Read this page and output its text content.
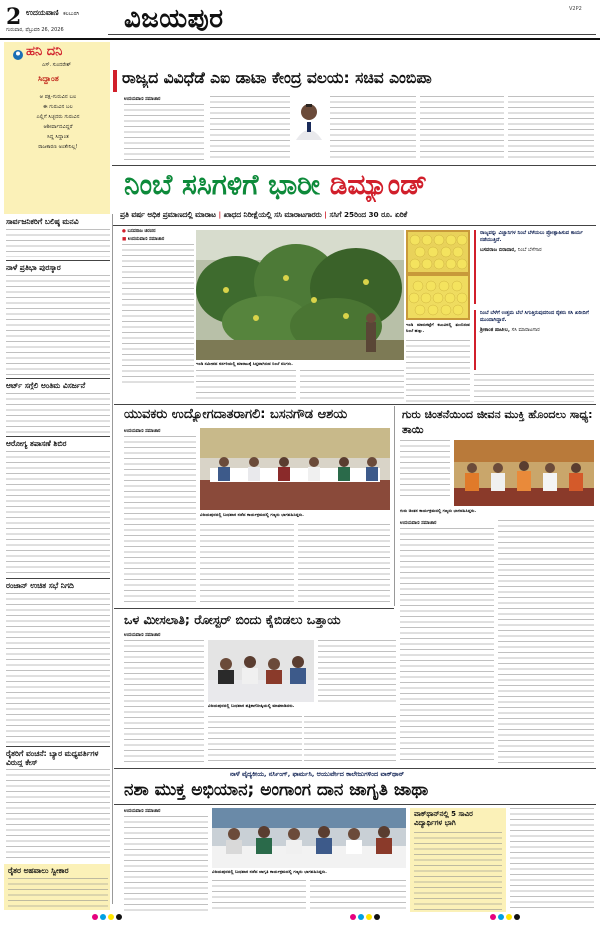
2 ಉದಯವಾಣಿ ಕಲಬುರಗಿ
ಗುರುವಾರ, ಫೆಬ್ರುವರಿ 26, 2026 ವಿಜಯಪುರ	V2P2
ಹನಿ ದನಿ
ಎಸ್. ಸುಂದರೇಶ್
ಸಿದ್ದಾಂತ
ಆ ಪಕ್ಷ-ಗುರುವಿನ ಬಲ
ಈ ಗುರುವಿನ ಬಲ
ಎಲ್ಲಿಗೆ ಸಿಚ್ಛದರು ಗುರುವಿನ
ಆಶೀರ್ವಾದವಿದ್ದರೆ
ಸಿದ್ದ ಸಿದ್ದಾಂತ
ರಾಜಕಾರಣ ಅಂತೇನಿಲ್ಲ!
ರಾಜ್ಯದ ವಿವಿಧೆಡೆ ಎಐ ಡಾಟಾ ಕೇಂದ್ರ ವಲಯ: ಸಚಿವ ಎಂಬಿಪಾ
ಉದಯವಾಣಿ ಸಮಾಚಾರ
ನಿಂಬೆ ಸಸಿಗಳಿಗೆ ಭಾರೀ ಡಿಮ್ಯಾಂಡ್
ಪ್ರತಿ ವರ್ಷ ಅಧಿಕ ಪ್ರಮಾಣದಲ್ಲಿ ಮಾರಾಟ | ಖಾಧದ ನಿರೀಕ್ಷೆಯಲ್ಲಿ ಸಸಿ ಮಾರಾಟಗಾರರು | ಸಸಿಗೆ 25ರಿಂದ 30 ರೂ. ಏರಿಕೆ
ಸಾರ್ವಜನಿಕರಿಗೆ ಬಲಿಷ್ಠ ಮನವಿ
ನಾಳೆ ಪ್ರತಿಭಾ ಪುರಸ್ಕಾರ
ಆರ್ಟ್ ಸಗ್ಗೆಲಿ ಅಂತಿಮ ವಿಸರ್ಜನೆ
ಆರೋಗ್ಯ ತಪಾಸಣೆ ಶಿಬಿರ
ರಂಜಾನ್ ಉಚಿತ ಸಭೆ ನಿಗದಿ
ರೈತರಿಗೆ ವಂಚನೆ: ಬ್ಯಾರ ಮಧ್ಯವರ್ತಿಗಳ ವಿರುದ್ಧ ಕೇಸ್
ರೈತರ ಅಹವಾಲು ಸ್ವೀಕಾರ
● ಬಸವರಾಜ ಚಿರಣಿನ
■ ಉದಯವಾಣಿ ಸಮಾಚಾರ
ಇಂಡಿ ಸಮೀಪದ ನರ್ಸರಿಯಲ್ಲಿ ಮಾರಾಟಕ್ಕೆ ಸಿದ್ದವಾಗಿರುವ ನಿಂಬೆ ಸಸಿಗಳು.
ಇಂಡಿ ಮಾರುಕಟ್ಟೆಗೆ ಕಟುವಿನಲ್ಲಿ ತುಂಬಿರುವ ನಿಂಬೆ ಹಣ್ಣು.
ರಾಜ್ಯವನ್ನು ವಿಜ್ಞಾನಿಗಳ ನಿಂಬೆ ಬೆಳೆಯಲು ಪ್ರೋತ್ಸಾಹಿಸುವ ಕಾರ್ಯ ನಡೆಯುತ್ತಿದೆ.
ಬಸವರಾಜ ಬಿರಾದಾರ, ನಿಂಬೆ ಬೆಳೆಗಾರ
ನಿಂಬೆ ಬೆಳೆಗೆ ಉತ್ತಮ ಬೆಲೆ ಸಿಗುತ್ತಿರುವುದರಿಂದ ರೈತರು ಸಸಿ ಖರೀದಿಗೆ ಮುಂದಾಗಿದ್ದಾರೆ.
ಶ್ರೀಕಾಂತ ಪಾಟೀಲ, ಸಸಿ ಮಾರಾಟಗಾರ
ಯುವಕರು ಉದ್ಯೋಗದಾತರಾಗಲಿ: ಬಸನಗೌಡ ಆಶಯ
ವಿಜಯಪುರದಲ್ಲಿ ಬುಧವಾರ ನಡೆದ ಕಾರ್ಯಕ್ರಮದಲ್ಲಿ ಗಣ್ಯರು ಭಾಗವಹಿಸಿದ್ದರು.
ಉದಯವಾಣಿ ಸಮಾಚಾರ
ಗುರು ಚಿಂತನೆಯಿಂದ ಜೀವನ ಮುಕ್ತಿ ಹೊಂದಲು ಸಾಧ್ಯ: ತಾಯಿ
ಗುರು ಚಿಂತನ ಕಾರ್ಯಕ್ರಮದಲ್ಲಿ ಗಣ್ಯರು ಭಾಗವಹಿಸಿದ್ದರು.
ಉದಯವಾಣಿ ಸಮಾಚಾರ
ಒಳ ಮೀಸಲಾತಿ; ರೋಸ್ಟರ್ ಬಿಂದು ಕೈಬಿಡಲು ಒತ್ತಾಯ
ಉದಯವಾಣಿ ಸಮಾಚಾರ
ವಿಜಯಪುರದಲ್ಲಿ ಬುಧವಾರ ಪತ್ರಿಕಾಗೋಷ್ಠಿಯಲ್ಲಿ ಮಾತನಾಡಿದರು.
ನಾಳೆ ವೈದ್ಯಕೀಯ, ನರ್ಸಿಂಗ್, ಫಾರ್ಮಸಿ, ಆಯುರ್ವೇದ ಕಾಲೇಜುಗಳಿಂದ ವಾಕ್‌ಥಾನ್
ನಶಾ ಮುಕ್ತ ಅಭಿಯಾನ; ಅಂಗಾಂಗ ದಾನ ಜಾಗೃತಿ ಜಾಥಾ
ಉದಯವಾಣಿ ಸಮಾಚಾರ
ವಿಜಯಪುರದಲ್ಲಿ ಬುಧವಾರ ನಡೆದ ಜಾಗೃತಿ ಕಾರ್ಯಕ್ರಮದಲ್ಲಿ ಗಣ್ಯರು ಭಾಗವಹಿಸಿದ್ದರು.
ವಾಕ್‌ಥಾನ್‌ನಲ್ಲಿ 5 ಸಾವಿರ ವಿದ್ಯಾರ್ಥಿಗಳ ಭಾಗಿ
